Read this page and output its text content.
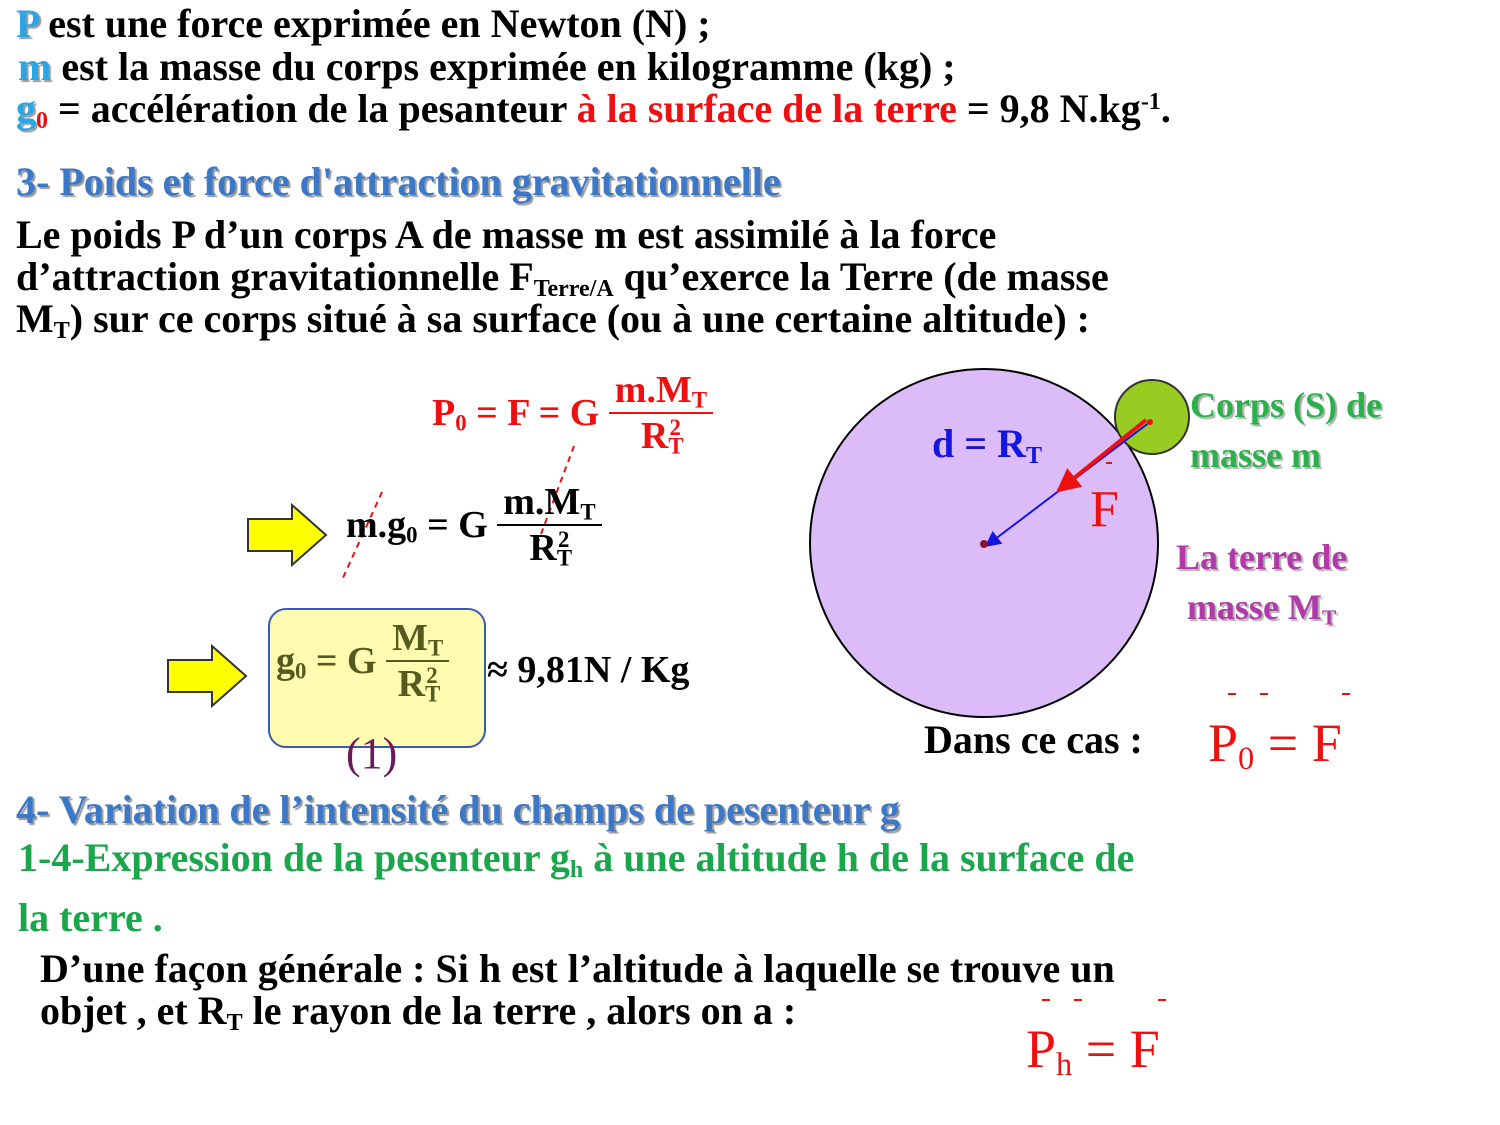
P est une force exprimée en Newton (N) ;
m est la masse du corps exprimée en kilogramme (kg) ;
$g_0$ = accélération de la pesanteur à la surface de la terre = 9,8 $N.kg^{-1}$.
3- Poids et force d'attraction gravitationnelle
Le poids P d’un corps A de masse m est assimilé à la force
d’attraction gravitationnelle $F_{Terre/A}$ qu’exerce la Terre (de masse
$M_T$) sur ce corps situé à sa surface (ou à une certaine altitude) :
$P_0 = F = G \frac{m.M_T}{R_T^2}$
$m.g_0 = G \frac{m.M_T}{R_T^2}$
$g_0 = G \frac{M_T}{R_T^2} \approx 9,81N / Kg$
(1)
$d = R_T$
F
Corps (S) de
masse m
La terre de
masse $M_T$
Dans ce cas : $P_0 = F$
4- Variation de l’intensité du champs de pesenteur g
1-4-Expression de la pesenteur $g_h$ à une altitude h de la surface de
la terre .
D’une façon générale : Si h est l’altitude à laquelle se trouve un
objet , et $R_T$ le rayon de la terre , alors on a :
$P_h = F$
